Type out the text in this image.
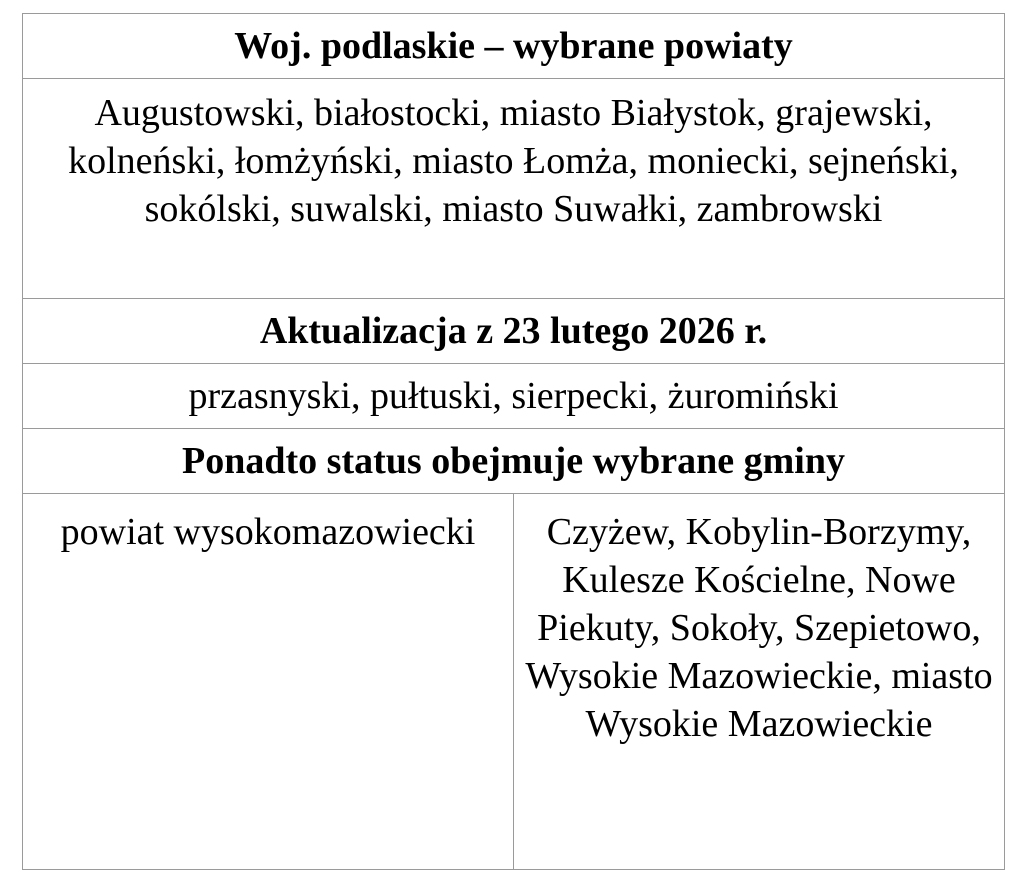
Woj. podlaskie – wybrane powiaty
Augustowski, białostocki, miasto Białystok, grajewski, kolneński, łomżyński, miasto Łomża, moniecki, sejneński, sokólski, suwalski, miasto Suwałki, zambrowski
Aktualizacja z 23 lutego 2026 r.
przasnyski, pułtuski, sierpecki, żuromiński
Ponadto status obejmuje wybrane gminy
powiat wysokomazowiecki	Czyżew, Kobylin-Borzymy, Kulesze Kościelne, Nowe Piekuty, Sokoły, Szepietowo, Wysokie Mazowieckie, miasto Wysokie Mazowieckie
